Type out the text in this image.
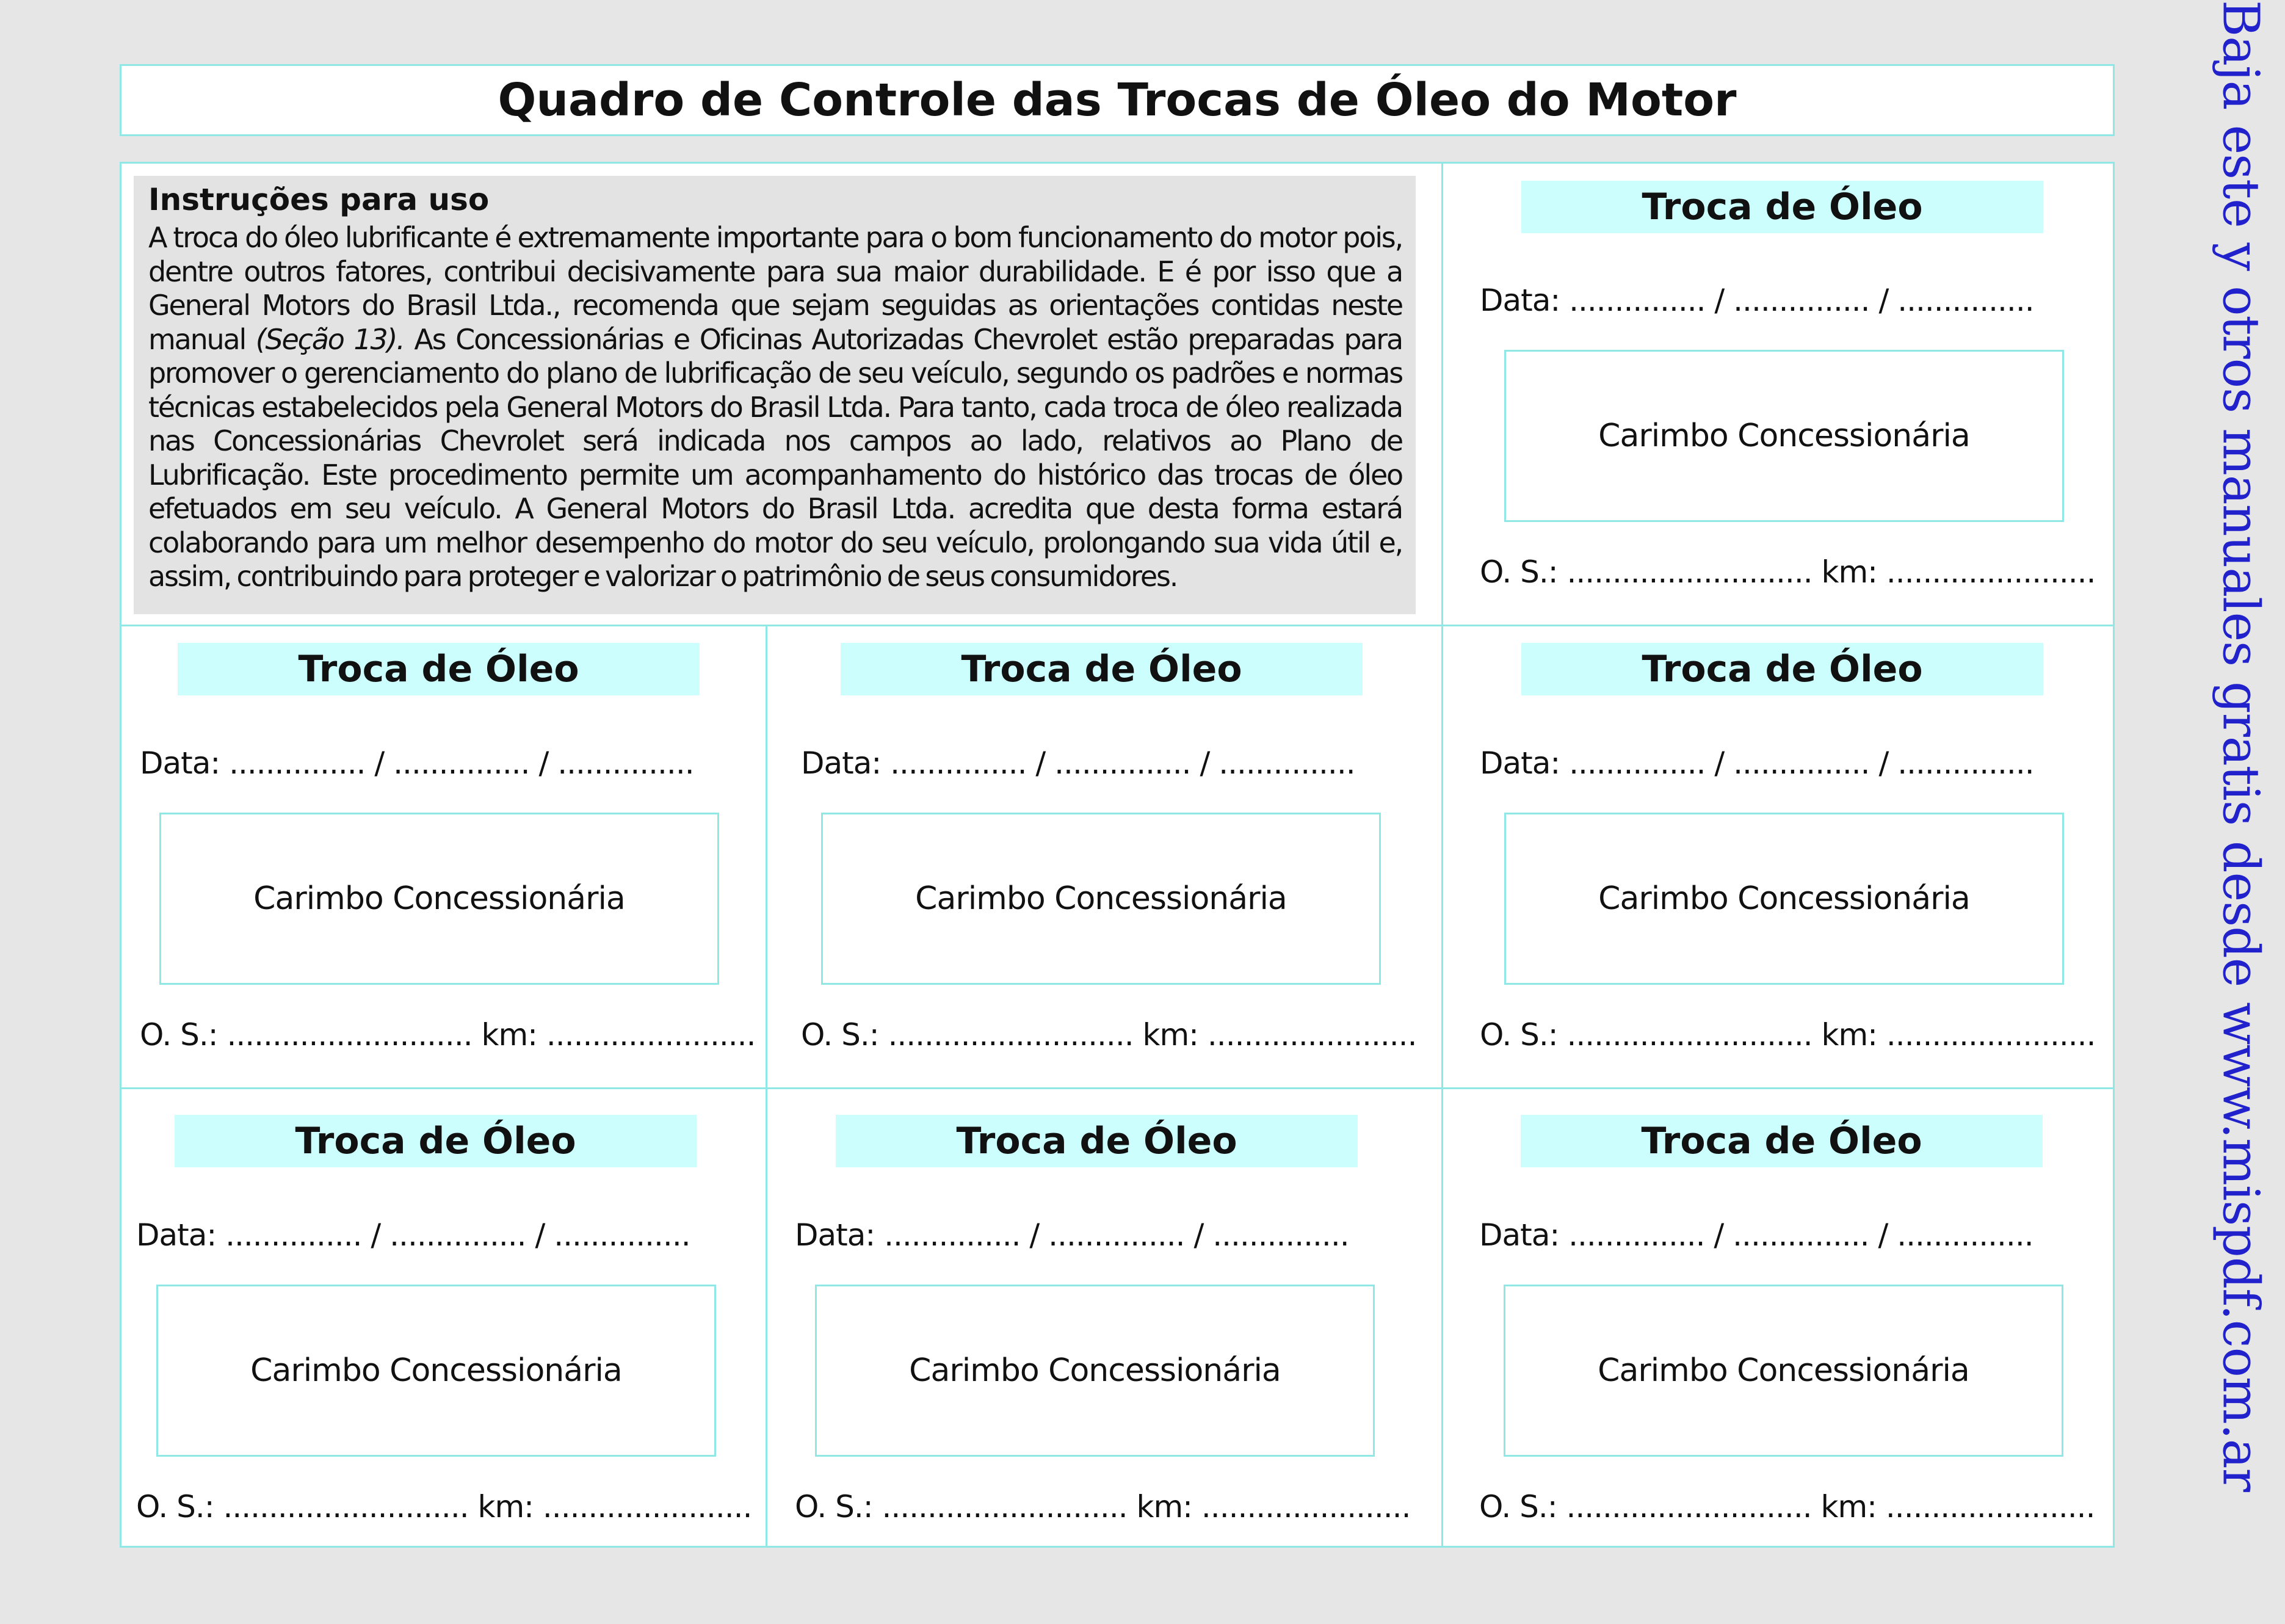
Quadro de Controle das Trocas de Óleo do Motor
Instruções para uso

A troca do óleo lubrificante é extremamente importante para o bom funcionamento do motor pois, dentre outros fatores, contribui decisivamente para sua maior durabilidade. E é por isso que a General Motors do Brasil Ltda., recomenda que sejam seguidas as orientações contidas neste manual (Seção 13). As Concessionárias e Oficinas Autorizadas Chevrolet estão preparadas para promover o gerenciamento do plano de lubrificação de seu veículo, segundo os padrões e normas técnicas estabelecidos pela General Motors do Brasil Ltda. Para tanto, cada troca de óleo realizada nas Concessionárias Chevrolet será indicada nos campos ao lado, relativos ao Plano de Lubrificação. Este procedimento permite um acompanhamento do histórico das trocas de óleo efetuados em seu veículo. A General Motors do Brasil Ltda. acredita que desta forma estará colaborando para um melhor desempenho do motor do seu veículo, prolongando sua vida útil e, assim, contribuindo para proteger e valorizar o patrimônio de seus consumidores.

Troca de Óleo
Data: ............... / ............... / ...............
Carimbo Concessionária
O. S.: ........................... km: .......................
Troca de Óleo
Data: ............... / ............... / ...............
Carimbo Concessionária
O. S.: ........................... km: .......................
Troca de Óleo
Data: ............... / ............... / ...............
Carimbo Concessionária
O. S.: ........................... km: .......................
Troca de Óleo
Data: ............... / ............... / ...............
Carimbo Concessionária
O. S.: ........................... km: .......................
Troca de Óleo
Data: ............... / ............... / ...............
Carimbo Concessionária
O. S.: ........................... km: .......................
Troca de Óleo
Data: ............... / ............... / ...............
Carimbo Concessionária
O. S.: ........................... km: .......................
Troca de Óleo
Data: ............... / ............... / ...............
Carimbo Concessionária
O. S.: ........................... km: .......................
Baja este y otros manuales gratis desde www.mispdf.com.ar
